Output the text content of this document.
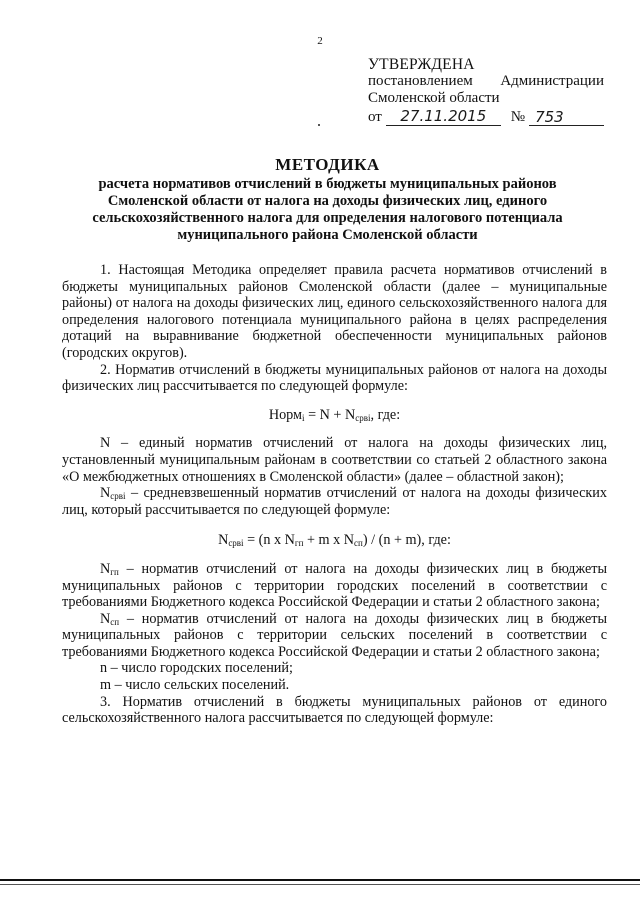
2
УТВЕРЖДЕНА
постановлением Администрации
Смоленской области
от	27.11.2015	№ 753
МЕТОДИКА
расчета нормативов отчислений в бюджеты муниципальных районов Смоленской области от налога на доходы физических лиц, единого сельскохозяйственного налога для определения налогового потенциала муниципального района Смоленской области

1. Настоящая Методика определяет правила расчета нормативов отчислений в бюджеты муниципальных районов Смоленской области (далее – муниципальные районы) от налога на доходы физических лиц, единого сельскохозяйственного налога для определения налогового потенциала муниципального района в целях распределения дотаций на выравнивание бюджетной обеспеченности муниципальных районов (городских округов).

2. Норматив отчислений в бюджеты муниципальных районов от налога на доходы физических лиц рассчитывается по следующей формуле:

Норм$_i$ = $N + N_{срвi}$, где:

N – единый норматив отчислений от налога на доходы физических лиц, установленный муниципальным районам в соответствии со статьей 2 областного закона «О межбюджетных отношениях в Смоленской области» (далее – областной закон);

$N_{срвi}$ – средневзвешенный норматив отчислений от налога на доходы физических лиц, который рассчитывается по следующей формуле:

$N_{срвi} = (n$ x $N_{гп} + m$ x $N_{сп}) / (n + m)$, где:

$N_{гп}$ – норматив отчислений от налога на доходы физических лиц в бюджеты муниципальных районов с территории городских поселений в соответствии с требованиями Бюджетного кодекса Российской Федерации и статьи 2 областного закона;

$N_{сп}$ – норматив отчислений от налога на доходы физических лиц в бюджеты муниципальных районов с территории сельских поселений в соответствии с требованиями Бюджетного кодекса Российской Федерации и статьи 2 областного закона;

n – число городских поселений;

m – число сельских поселений.

3. Норматив отчислений в бюджеты муниципальных районов от единого сельскохозяйственного налога рассчитывается по следующей формуле:
